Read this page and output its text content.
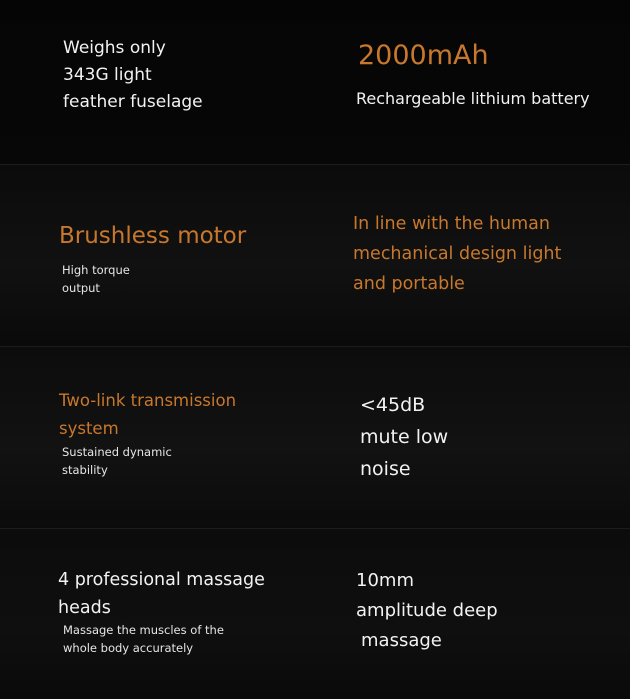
Weighs only
343G light
feather fuselage
2000mAh
Rechargeable lithium battery
Brushless motor
High torque
output
In line with the human
mechanical design light
and portable
Two-link transmission
system
Sustained dynamic
stability
<45dB
mute low
noise
4 professional massage
heads
Massage the muscles of the
whole body accurately
10mm
amplitude deep
massage
